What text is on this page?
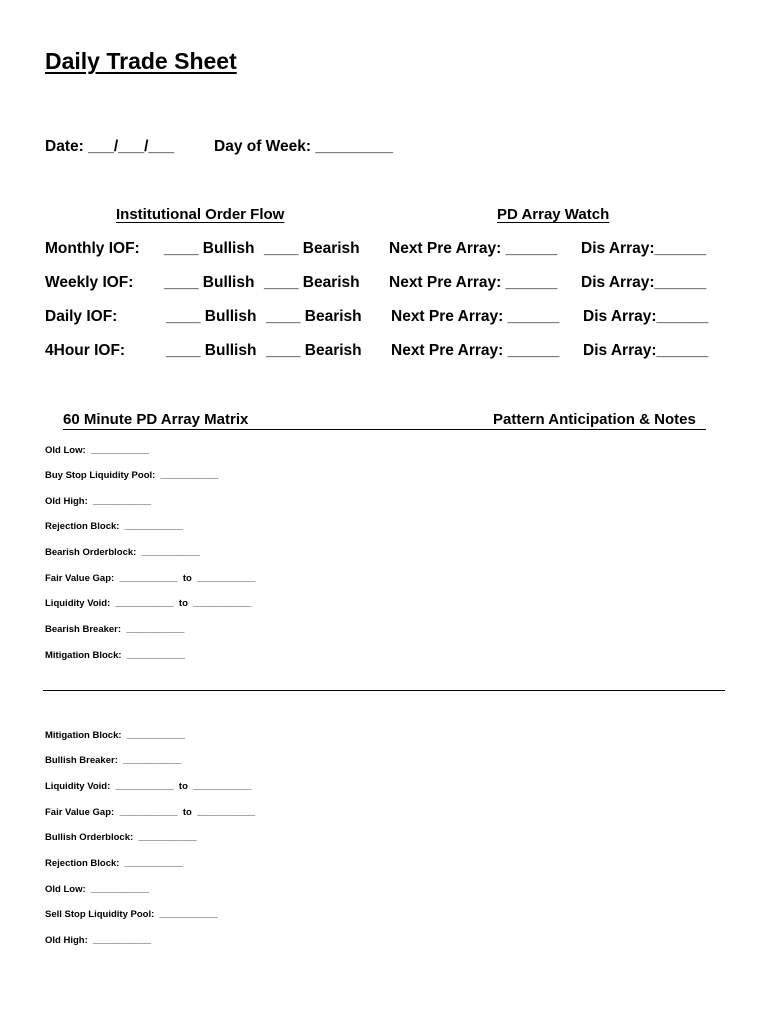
Daily Trade Sheet
Date: ___/___/___	Day of Week: _________
Institutional Order Flow	PD Array Watch
Monthly IOF: ____ Bullish ____ Bearish Next Pre Array: ______ Dis Array:______
Weekly IOF: ____ Bullish ____ Bearish Next Pre Array: ______ Dis Array:______
Daily IOF:	____ Bullish ____ Bearish Next Pre Array: ______ Dis Array:______
4Hour IOF:	____ Bullish ____ Bearish Next Pre Array: ______ Dis Array:______
60 Minute PD Array Matrix	Pattern Anticipation & Notes
Old Low:  ___________
Buy Stop Liquidity Pool:  ___________
Old High:  ___________
Rejection Block:  ___________
Bearish Orderblock:  ___________
Fair Value Gap:  ___________  to  ___________
Liquidity Void:  ___________  to  ___________
Bearish Breaker:  ___________
Mitigation Block:  ___________
Mitigation Block:  ___________
Bullish Breaker:  ___________
Liquidity Void:  ___________  to  ___________
Fair Value Gap:  ___________  to  ___________
Bullish Orderblock:  ___________
Rejection Block:  ___________
Old Low:  ___________
Sell Stop Liquidity Pool:  ___________
Old High:  ___________
